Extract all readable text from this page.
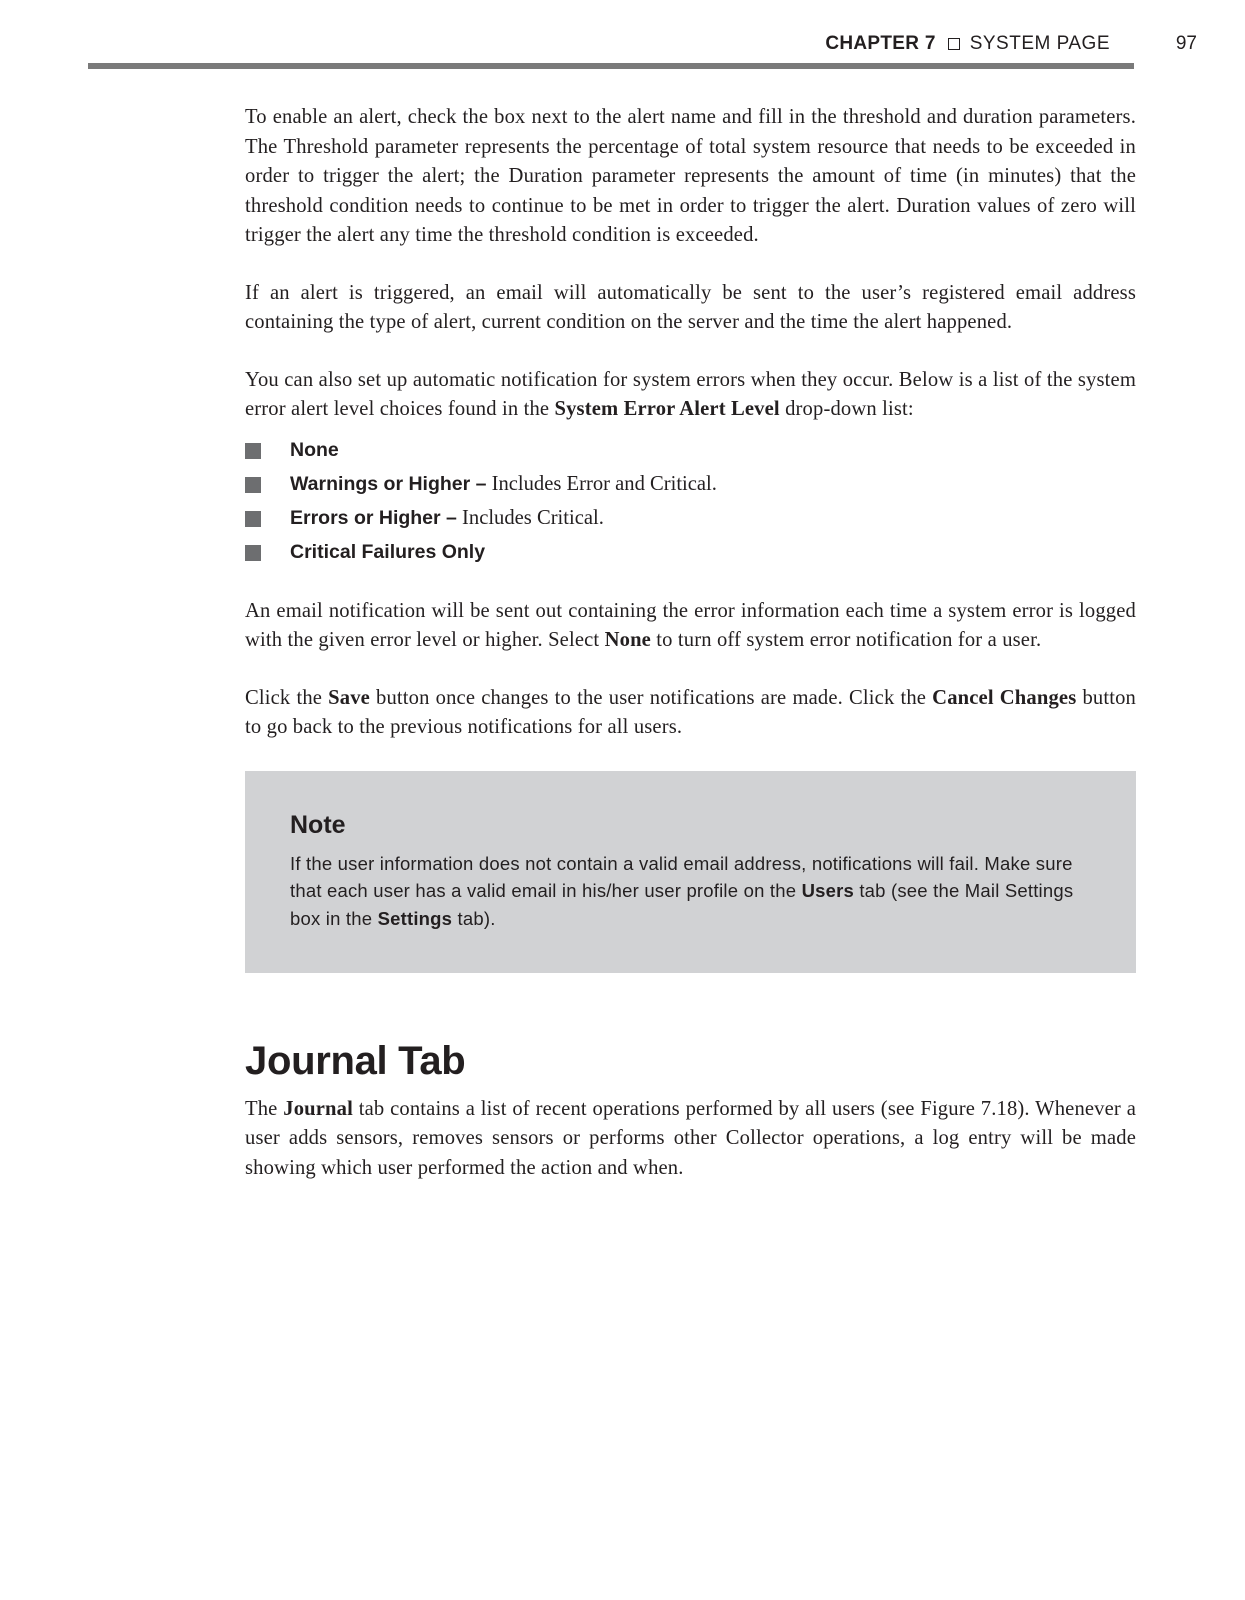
CHAPTER 7 SYSTEM PAGE	97

To enable an alert, check the box next to the alert name and fill in the threshold and duration parameters. The Threshold parameter represents the percentage of total system resource that needs to be exceeded in order to trigger the alert; the Duration parameter represents the amount of time (in minutes) that the threshold condition needs to continue to be met in order to trigger the alert. Duration values of zero will trigger the alert any time the threshold condition is exceeded.

If an alert is triggered, an email will automatically be sent to the user’s registered email address containing the type of alert, current condition on the server and the time the alert happened.

You can also set up automatic notification for system errors when they occur. Below is a list of the system error alert level choices found in the System Error Alert Level drop-down list:

None
Warnings or Higher – Includes Error and Critical.
Errors or Higher – Includes Critical.
Critical Failures Only

An email notification will be sent out containing the error information each time a system error is logged with the given error level or higher. Select None to turn off system error notification for a user.

Click the Save button once changes to the user notifications are made. Click the Cancel Changes button to go back to the previous notifications for all users.

Note
If the user information does not contain a valid email address, notifications will fail. Make sure that each user has a valid email in his/her user profile on the Users tab (see the Mail Settings box in the Settings tab).
Journal Tab

The Journal tab contains a list of recent operations performed by all users (see Figure 7.18). Whenever a user adds sensors, removes sensors or performs other Collector operations, a log entry will be made showing which user performed the action and when.
